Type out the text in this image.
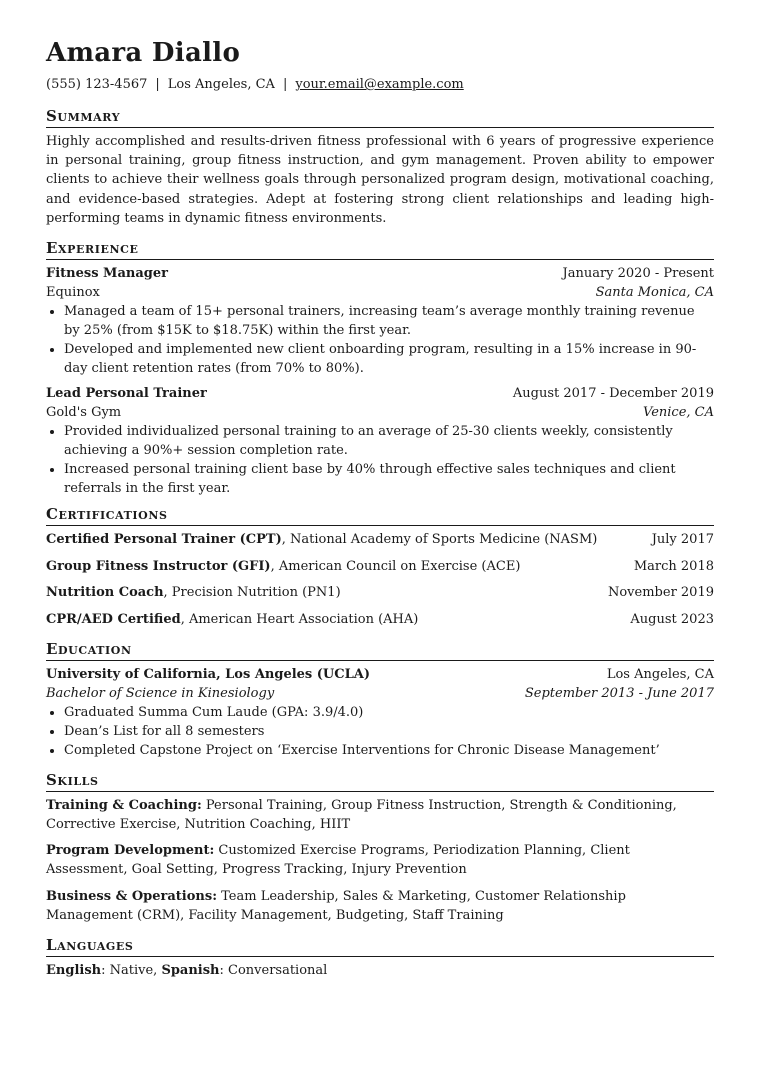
Amara Diallo
(555) 123-4567 | Los Angeles, CA | your.email@example.com
Summary
Highly accomplished and results-driven fitness professional with 6 years of progressive experience in personal training, group fitness instruction, and gym management. Proven ability to empower clients to achieve their wellness goals through personalized program design, motivational coaching, and evidence-based strategies. Adept at fostering strong client relationships and leading high-performing teams in dynamic fitness environments.
Experience
Fitness Manager	January 2020 - Present
Equinox	Santa Monica, CA
• Managed a team of 15+ personal trainers, increasing team’s average monthly training revenue by 25% (from $15K to $18.75K) within the first year.
• Developed and implemented new client onboarding program, resulting in a 15% increase in 90-day client retention rates (from 70% to 80%).
Lead Personal Trainer	August 2017 - December 2019
Gold's Gym	Venice, CA
• Provided individualized personal training to an average of 25-30 clients weekly, consistently achieving a 90%+ session completion rate.
• Increased personal training client base by 40% through effective sales techniques and client referrals in the first year.
Certifications
Certified Personal Trainer (CPT), National Academy of Sports Medicine (NASM)	July 2017
Group Fitness Instructor (GFI), American Council on Exercise (ACE)	March 2018
Nutrition Coach, Precision Nutrition (PN1)	November 2019
CPR/AED Certified, American Heart Association (AHA)	August 2023
Education
University of California, Los Angeles (UCLA)	Los Angeles, CA
Bachelor of Science in Kinesiology	September 2013 - June 2017
• Graduated Summa Cum Laude (GPA: 3.9/4.0)
• Dean’s List for all 8 semesters
• Completed Capstone Project on ‘Exercise Interventions for Chronic Disease Management’
Skills
Training & Coaching: Personal Training, Group Fitness Instruction, Strength & Conditioning, Corrective Exercise, Nutrition Coaching, HIIT
Program Development: Customized Exercise Programs, Periodization Planning, Client Assessment, Goal Setting, Progress Tracking, Injury Prevention
Business & Operations: Team Leadership, Sales & Marketing, Customer Relationship Management (CRM), Facility Management, Budgeting, Staff Training
Languages
English: Native, Spanish: Conversational
